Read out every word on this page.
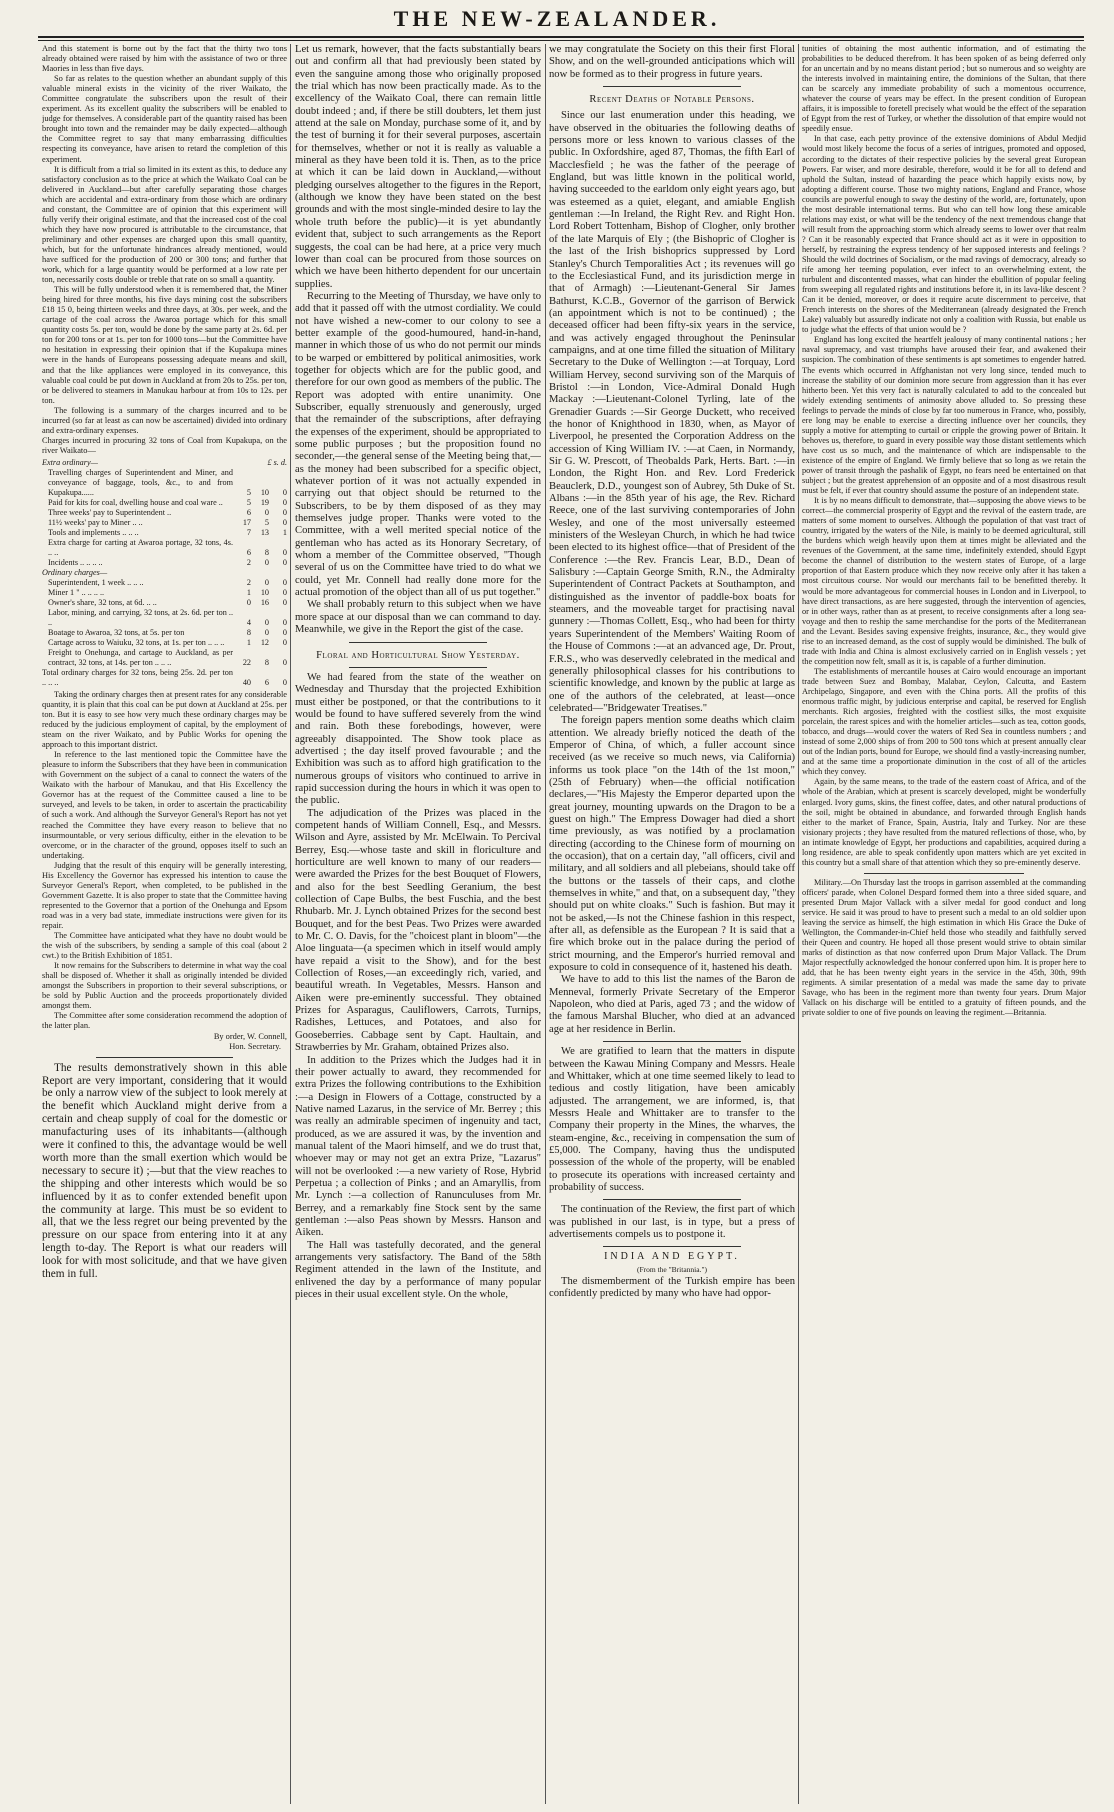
THE NEW-ZEALANDER.

And this statement is borne out by the fact that the thirty two tons already obtained were raised by him with the assistance of two or three Maories in less than five days.

So far as relates to the question whether an abundant supply of this valuable mineral exists in the vicinity of the river Waikato, the Committee congratulate the subscribers upon the result of their experiment. As its excellent quality the subscribers will be enabled to judge for themselves. A considerable part of the quantity raised has been brought into town and the remainder may be daily expected—although the Committee regret to say that many embarrassing difficulties respecting its conveyance, have arisen to retard the completion of this experiment.

It is difficult from a trial so limited in its extent as this, to deduce any satisfactory conclusion as to the price at which the Waikato Coal can be delivered in Auckland—but after carefully separating those charges which are accidental and extra-ordinary from those which are ordinary and constant, the Committee are of opinion that this experiment will fully verify their original estimate, and that the increased cost of the coal which they have now procured is attributable to the circumstance, that preliminary and other expenses are charged upon this small quantity, which, but for the unfortunate hindrances already mentioned, would have sufficed for the production of 200 or 300 tons; and further that work, which for a large quantity would be performed at a low rate per ton, necessarily costs double or treble that rate on so small a quantity.

This will be fully understood when it is remembered that, the Miner being hired for three months, his five days mining cost the subscribers £18 15 0, being thirteen weeks and three days, at 30s. per week, and the cartage of the coal across the Awaroa portage which for this small quantity costs 5s. per ton, would be done by the same party at 2s. 6d. per ton for 200 tons or at 1s. per ton for 1000 tons—but the Committee have no hesitation in expressing their opinion that if the Kupakupa mines were in the hands of Europeans possessing adequate means and skill, and that the like appliances were employed in its conveyance, this valuable coal could be put down in Auckland at from 20s to 25s. per ton, or be delivered to steamers in Manukau harbour at from 10s to 12s. per ton.

The following is a summary of the charges incurred and to be incurred (so far at least as can now be ascertained) divided into ordinary and extra-ordinary expenses.

Charges incurred in procuring 32 tons of Coal from Kupakupa, on the river Waikato—

Extra ordinary—	£ s. d.		
Travelling charges of Superintendent and Miner, and conveyance of baggage, tools, &c., to and from Kupakupa......	5	10	0
Paid for kits for coal, dwelling house and coal ware ..	5	19	0
Three weeks' pay to Superintendent ..	6	0	0
11½ weeks' pay to Miner .. ..	17	5	0
Tools and implements .. .. ..	7	13	1
Extra charge for carting at Awaroa portage, 32 tons, 4s. .. ..	6	8	0
Incidents .. .. .. ..	2	0	0
Ordinary charges—			
Superintendent, 1 week .. .. ..	2	0	0
Miner 1 " .. .. .. ..	1	10	0
Owner's share, 32 tons, at 6d. .. ..	0	16	0
Labor, mining, and carrying, 32 tons, at 2s. 6d. per ton .. ..	4	0	0
Boatage to Awaroa, 32 tons, at 5s. per ton	8	0	0
Cartage across to Waiuku, 32 tons, at 1s. per ton .. .. ..	1	12	0
Freight to Onehunga, and cartage to Auckland, as per contract, 32 tons, at 14s. per ton .. .. ..	22	8	0
Total ordinary charges for 32 tons, being 25s. 2d. per ton .. .. ..	40	6	0

Taking the ordinary charges then at present rates for any considerable quantity, it is plain that this coal can be put down at Auckland at 25s. per ton. But it is easy to see how very much these ordinary charges may be reduced by the judicious employment of capital, by the employment of steam on the river Waikato, and by Public Works for opening the approach to this important district.

In reference to the last mentioned topic the Committee have the pleasure to inform the Subscribers that they have been in communication with Government on the subject of a canal to connect the waters of the Waikato with the harbour of Manukau, and that His Excellency the Governor has at the request of the Committee caused a line to be surveyed, and levels to be taken, in order to ascertain the practicability of such a work. And although the Surveyor General's Report has not yet reached the Committee they have every reason to believe that no insurmountable, or very serious difficulty, either in the elevation to be overcome, or in the character of the ground, opposes itself to such an undertaking.

Judging that the result of this enquiry will be generally interesting, His Excellency the Governor has expressed his intention to cause the Surveyor General's Report, when completed, to be published in the Government Gazette. It is also proper to state that the Committee having represented to the Governor that a portion of the Onehunga and Epsom road was in a very bad state, immediate instructions were given for its repair.

The Committee have anticipated what they have no doubt would be the wish of the subscribers, by sending a sample of this coal (about 2 cwt.) to the British Exhibition of 1851.

It now remains for the Subscribers to determine in what way the coal shall be disposed of. Whether it shall as originally intended be divided amongst the Subscribers in proportion to their several subscriptions, or be sold by Public Auction and the proceeds proportionately divided amongst them.

The Committee after some consideration recommend the adoption of the latter plan.

By order, W. Connell,

Hon. Secretary.

The results demonstratively shown in this able Report are very important, considering that it would be only a narrow view of the subject to look merely at the benefit which Auckland might derive from a certain and cheap supply of coal for the domestic or manufacturing uses of its inhabitants—(although were it confined to this, the advantage would be well worth more than the small exertion which would be necessary to secure it) ;—but that the view reaches to the shipping and other interests which would be so influenced by it as to confer extended benefit upon the community at large. This must be so evident to all, that we the less regret our being prevented by the pressure on our space from entering into it at any length to-day. The Report is what our readers will look for with most solicitude, and that we have given them in full.

Let us remark, however, that the facts substantially bears out and confirm all that had previously been stated by even the sanguine among those who originally proposed the trial which has now been practically made. As to the excellency of the Waikato Coal, there can remain little doubt indeed ; and, if there be still doubters, let them just attend at the sale on Monday, purchase some of it, and by the test of burning it for their several purposes, ascertain for themselves, whether or not it is really as valuable a mineral as they have been told it is. Then, as to the price at which it can be laid down in Auckland,—without pledging ourselves altogether to the figures in the Report, (although we know they have been stated on the best grounds and with the most single-minded desire to lay the whole truth before the public)—it is yet abundantly evident that, subject to such arrangements as the Report suggests, the coal can be had here, at a price very much lower than coal can be procured from those sources on which we have been hitherto dependent for our uncertain supplies.

Recurring to the Meeting of Thursday, we have only to add that it passed off with the utmost cordiality. We could not have wished a new-comer to our colony to see a better example of the good-humoured, hand-in-hand, manner in which those of us who do not permit our minds to be warped or embittered by political animosities, work together for objects which are for the public good, and therefore for our own good as members of the public. The Report was adopted with entire unanimity. One Subscriber, equally strenuously and generously, urged that the remainder of the subscriptions, after defraying the expenses of the experiment, should be appropriated to some public purposes ; but the proposition found no seconder,—the general sense of the Meeting being that,—as the money had been subscribed for a specific object, whatever portion of it was not actually expended in carrying out that object should be returned to the Subscribers, to be by them disposed of as they may themselves judge proper. Thanks were voted to the Committee, with a well merited special notice of the gentleman who has acted as its Honorary Secretary, of whom a member of the Committee observed, "Though several of us on the Committee have tried to do what we could, yet Mr. Connell had really done more for the actual promotion of the object than all of us put together."

We shall probably return to this subject when we have more space at our disposal than we can command to day. Meanwhile, we give in the Report the gist of the case.

Floral and Horticultural Show Yesterday.

We had feared from the state of the weather on Wednesday and Thursday that the projected Exhibition must either be postponed, or that the contributions to it would be found to have suffered severely from the wind and rain. Both these forebodings, however, were agreeably disappointed. The Show took place as advertised ; the day itself proved favourable ; and the Exhibition was such as to afford high gratification to the numerous groups of visitors who continued to arrive in rapid succession during the hours in which it was open to the public.

The adjudication of the Prizes was placed in the competent hands of William Connell, Esq., and Messrs. Wilson and Ayre, assisted by Mr. McElwain. To Percival Berrey, Esq.—whose taste and skill in floriculture and horticulture are well known to many of our readers—were awarded the Prizes for the best Bouquet of Flowers, and also for the best Seedling Geranium, the best collection of Cape Bulbs, the best Fuschia, and the best Rhubarb. Mr. J. Lynch obtained Prizes for the second best Bouquet, and for the best Peas. Two Prizes were awarded to Mr. C. O. Davis, for the "choicest plant in bloom"—the Aloe linguata—(a specimen which in itself would amply have repaid a visit to the Show), and for the best Collection of Roses,—an exceedingly rich, varied, and beautiful wreath. In Vegetables, Messrs. Hanson and Aiken were pre-eminently successful. They obtained Prizes for Asparagus, Cauliflowers, Carrots, Turnips, Radishes, Lettuces, and Potatoes, and also for Gooseberries. Cabbage sent by Capt. Haultain, and Strawberries by Mr. Graham, obtained Prizes also.

In addition to the Prizes which the Judges had it in their power actually to award, they recommended for extra Prizes the following contributions to the Exhibition :—a Design in Flowers of a Cottage, constructed by a Native named Lazarus, in the service of Mr. Berrey ; this was really an admirable specimen of ingenuity and tact, produced, as we are assured it was, by the invention and manual talent of the Maori himself, and we do trust that, whoever may or may not get an extra Prize, "Lazarus" will not be overlooked :—a new variety of Rose, Hybrid Perpetua ; a collection of Pinks ; and an Amaryllis, from Mr. Lynch :—a collection of Ranunculuses from Mr. Berrey, and a remarkably fine Stock sent by the same gentleman :—also Peas shown by Messrs. Hanson and Aiken.

The Hall was tastefully decorated, and the general arrangements very satisfactory. The Band of the 58th Regiment attended in the lawn of the Institute, and enlivened the day by a performance of many popular pieces in their usual excellent style. On the whole,

we may congratulate the Society on this their first Floral Show, and on the well-grounded anticipations which will now be formed as to their progress in future years.

Recent Deaths of Notable Persons.

Since our last enumeration under this heading, we have observed in the obituaries the following deaths of persons more or less known to various classes of the public. In Oxfordshire, aged 87, Thomas, the fifth Earl of Macclesfield ; he was the father of the peerage of England, but was little known in the political world, having succeeded to the earldom only eight years ago, but was esteemed as a quiet, elegant, and amiable English gentleman :—In Ireland, the Right Rev. and Right Hon. Lord Robert Tottenham, Bishop of Clogher, only brother of the late Marquis of Ely ; (the Bishopric of Clogher is the last of the Irish bishoprics suppressed by Lord Stanley's Church Temporalities Act ; its revenues will go to the Ecclesiastical Fund, and its jurisdiction merge in that of Armagh) :—Lieutenant-General Sir James Bathurst, K.C.B., Governor of the garrison of Berwick (an appointment which is not to be continued) ; the deceased officer had been fifty-six years in the service, and was actively engaged throughout the Peninsular campaigns, and at one time filled the situation of Military Secretary to the Duke of Wellington :—at Torquay, Lord William Hervey, second surviving son of the Marquis of Bristol :—in London, Vice-Admiral Donald Hugh Mackay :—Lieutenant-Colonel Tyrling, late of the Grenadier Guards :—Sir George Duckett, who received the honor of Knighthood in 1830, when, as Mayor of Liverpool, he presented the Corporation Address on the accession of King William IV. :—at Caen, in Normandy, Sir G. W. Prescott, of Theobalds Park, Herts. Bart. :—in London, the Right Hon. and Rev. Lord Frederick Beauclerk, D.D., youngest son of Aubrey, 5th Duke of St. Albans :—in the 85th year of his age, the Rev. Richard Reece, one of the last surviving contemporaries of John Wesley, and one of the most universally esteemed ministers of the Wesleyan Church, in which he had twice been elected to its highest office—that of President of the Conference :—the Rev. Francis Lear, B.D., Dean of Salisbury :—Captain George Smith, R.N., the Admiralty Superintendent of Contract Packets at Southampton, and distinguished as the inventor of paddle-box boats for steamers, and the moveable target for practising naval gunnery :—Thomas Collett, Esq., who had been for thirty years Superintendent of the Members' Waiting Room of the House of Commons :—at an advanced age, Dr. Prout, F.R.S., who was deservedly celebrated in the medical and generally philosophical classes for his contributions to scientific knowledge, and known by the public at large as one of the authors of the celebrated, at least—once celebrated—"Bridgewater Treatises."

The foreign papers mention some deaths which claim attention. We already briefly noticed the death of the Emperor of China, of which, a fuller account since received (as we receive so much news, via California) informs us took place "on the 14th of the 1st moon," (25th of February) when—the official notification declares,—"His Majesty the Emperor departed upon the great journey, mounting upwards on the Dragon to be a guest on high." The Empress Dowager had died a short time previously, as was notified by a proclamation directing (according to the Chinese form of mourning on the occasion), that on a certain day, "all officers, civil and military, and all soldiers and all plebeians, should take off the buttons or the tassels of their caps, and clothe themselves in white," and that, on a subsequent day, "they should put on white cloaks." Such is fashion. But may it not be asked,—Is not the Chinese fashion in this respect, after all, as defensible as the European ? It is said that a fire which broke out in the palace during the period of strict mourning, and the Emperor's hurried removal and exposure to cold in consequence of it, hastened his death.

We have to add to this list the names of the Baron de Menneval, formerly Private Secretary of the Emperor Napoleon, who died at Paris, aged 73 ; and the widow of the famous Marshal Blucher, who died at an advanced age at her residence in Berlin.

We are gratified to learn that the matters in dispute between the Kawau Mining Company and Messrs. Heale and Whittaker, which at one time seemed likely to lead to tedious and costly litigation, have been amicably adjusted. The arrangement, we are informed, is, that Messrs Heale and Whittaker are to transfer to the Company their property in the Mines, the wharves, the steam-engine, &c., receiving in compensation the sum of £5,000. The Company, having thus the undisputed possession of the whole of the property, will be enabled to prosecute its operations with increased certainty and probability of success.

The continuation of the Review, the first part of which was published in our last, is in type, but a press of advertisements compels us to postpone it.

INDIA AND EGYPT.

(From the "Britannia.")

The dismemberment of the Turkish empire has been confidently predicted by many who have had oppor-

tunities of obtaining the most authentic information, and of estimating the probabilities to be deduced therefrom. It has been spoken of as being deferred only for an uncertain and by no means distant period ; but so numerous and so weighty are the interests involved in maintaining entire, the dominions of the Sultan, that there can be scarcely any immediate probability of such a momentous occurrence, whatever the course of years may be effect. In the present condition of European affairs, it is impossible to foretell precisely what would be the effect of the separation of Egypt from the rest of Turkey, or whether the dissolution of that empire would not speedily ensue.

In that case, each petty province of the extensive dominions of Abdul Medjid would most likely become the focus of a series of intrigues, promoted and opposed, according to the dictates of their respective policies by the several great European Powers. Far wiser, and more desirable, therefore, would it be for all to defend and uphold the Sultan, instead of hazarding the peace which happily exists now, by adopting a different course. Those two mighty nations, England and France, whose councils are powerful enough to sway the destiny of the world, are, fortunately, upon the most desirable international terms. But who can tell how long these amicable relations may exist, or what will be the tendency of the next tremendous change that will result from the approaching storm which already seems to lower over that realm ? Can it be reasonably expected that France should act as it were in opposition to herself, by restraining the express tendency of her supposed interests and feelings ? Should the wild doctrines of Socialism, or the mad ravings of democracy, already so rife among her teeming population, ever infect to an overwhelming extent, the turbulent and discontented masses, what can hinder the ebullition of popular feeling from sweeping all regulated rights and institutions before it, in its lava-like descent ? Can it be denied, moreover, or does it require acute discernment to perceive, that French interests on the shores of the Mediterranean (already designated the French Lake) valuably but assuredly indicate not only a coalition with Russia, but enable us to judge what the effects of that union would be ?

England has long excited the heartfelt jealousy of many continental nations ; her naval supremacy, and vast triumphs have aroused their fear, and awakened their suspicion. The combination of these sentiments is apt sometimes to engender hatred. The events which occurred in Affghanistan not very long since, tended much to increase the stability of our dominion more secure from aggression than it has ever hitherto been. Yet this very fact is naturally calculated to add to the concealed but widely extending sentiments of animosity above alluded to. So pressing these feelings to pervade the minds of close by far too numerous in France, who, possibly, ere long may be enable to exercise a directing influence over her councils, they supply a motive for attempting to curtail or cripple the growing power of Britain. It behoves us, therefore, to guard in every possible way those distant settlements which have cost us so much, and the maintenance of which are indispensable to the existence of the empire of England. We firmly believe that so long as we retain the power of transit through the pashalik of Egypt, no fears need be entertained on that subject ; but the greatest apprehension of an opposite and of a most disastrous result must be felt, if ever that country should assume the posture of an independent state.

It is by no means difficult to demonstrate, that—supposing the above views to be correct—the commercial prosperity of Egypt and the revival of the eastern trade, are matters of some moment to ourselves. Although the population of that vast tract of country, irrigated by the waters of the Nile, is mainly to be deemed agricultural, still the burdens which weigh heavily upon them at times might be alleviated and the revenues of the Government, at the same time, indefinitely extended, should Egypt become the channel of distribution to the western states of Europe, of a large proportion of that Eastern produce which they now receive only after it has taken a most circuitous course. Nor would our merchants fail to be benefitted thereby. It would be more advantageous for commercial houses in London and in Liverpool, to have direct transactions, as are here suggested, through the intervention of agencies, or in other ways, rather than as at present, to receive consignments after a long sea-voyage and then to reship the same merchandise for the ports of the Mediterranean and the Levant. Besides saving expensive freights, insurance, &c., they would give rise to an increased demand, as the cost of supply would be diminished. The bulk of trade with India and China is almost exclusively carried on in English vessels ; yet the competition now felt, small as it is, is capable of a further diminution.

The establishments of mercantile houses at Cairo would encourage an important trade between Suez and Bombay, Malabar, Ceylon, Calcutta, and Eastern Archipelago, Singapore, and even with the China ports. All the profits of this enormous traffic might, by judicious enterprise and capital, be reserved for English merchants. Rich argosies, freighted with the costliest silks, the most exquisite porcelain, the rarest spices and with the homelier articles—such as tea, cotton goods, tobacco, and drugs—would cover the waters of Red Sea in countless numbers ; and instead of some 2,000 ships of from 200 to 500 tons which at present annually clear out of the Indian ports, bound for Europe, we should find a vastly-increasing number, and at the same time a proportionate diminution in the cost of all of the articles which they convey.

Again, by the same means, to the trade of the eastern coast of Africa, and of the whole of the Arabian, which at present is scarcely developed, might be wonderfully enlarged. Ivory gums, skins, the finest coffee, dates, and other natural productions of the soil, might be obtained in abundance, and forwarded through English hands either to the market of France, Spain, Austria, Italy and Turkey. Nor are these visionary projects ; they have resulted from the matured reflections of those, who, by an intimate knowledge of Egypt, her productions and capabilities, acquired during a long residence, are able to speak confidently upon matters which are yet excited in this country but a small share of that attention which they so pre-eminently deserve.

Military.—On Thursday last the troops in garrison assembled at the commanding officers' parade, when Colonel Despard formed them into a three sided square, and presented Drum Major Vallack with a silver medal for good conduct and long service. He said it was proud to have to present such a medal to an old soldier upon leaving the service as himself, the high estimation in which His Grace the Duke of Wellington, the Commander-in-Chief held those who steadily and faithfully served their Queen and country. He hoped all those present would strive to obtain similar marks of distinction as that now conferred upon Drum Major Vallack. The Drum Major respectfully acknowledged the honour conferred upon him. It is proper here to add, that he has been twenty eight years in the service in the 45th, 30th, 99th regiments. A similar presentation of a medal was made the same day to private Savage, who has been in the regiment more than twenty four years. Drum Major Vallack on his discharge will be entitled to a gratuity of fifteen pounds, and the private soldier to one of five pounds on leaving the regiment.—Britannia.
